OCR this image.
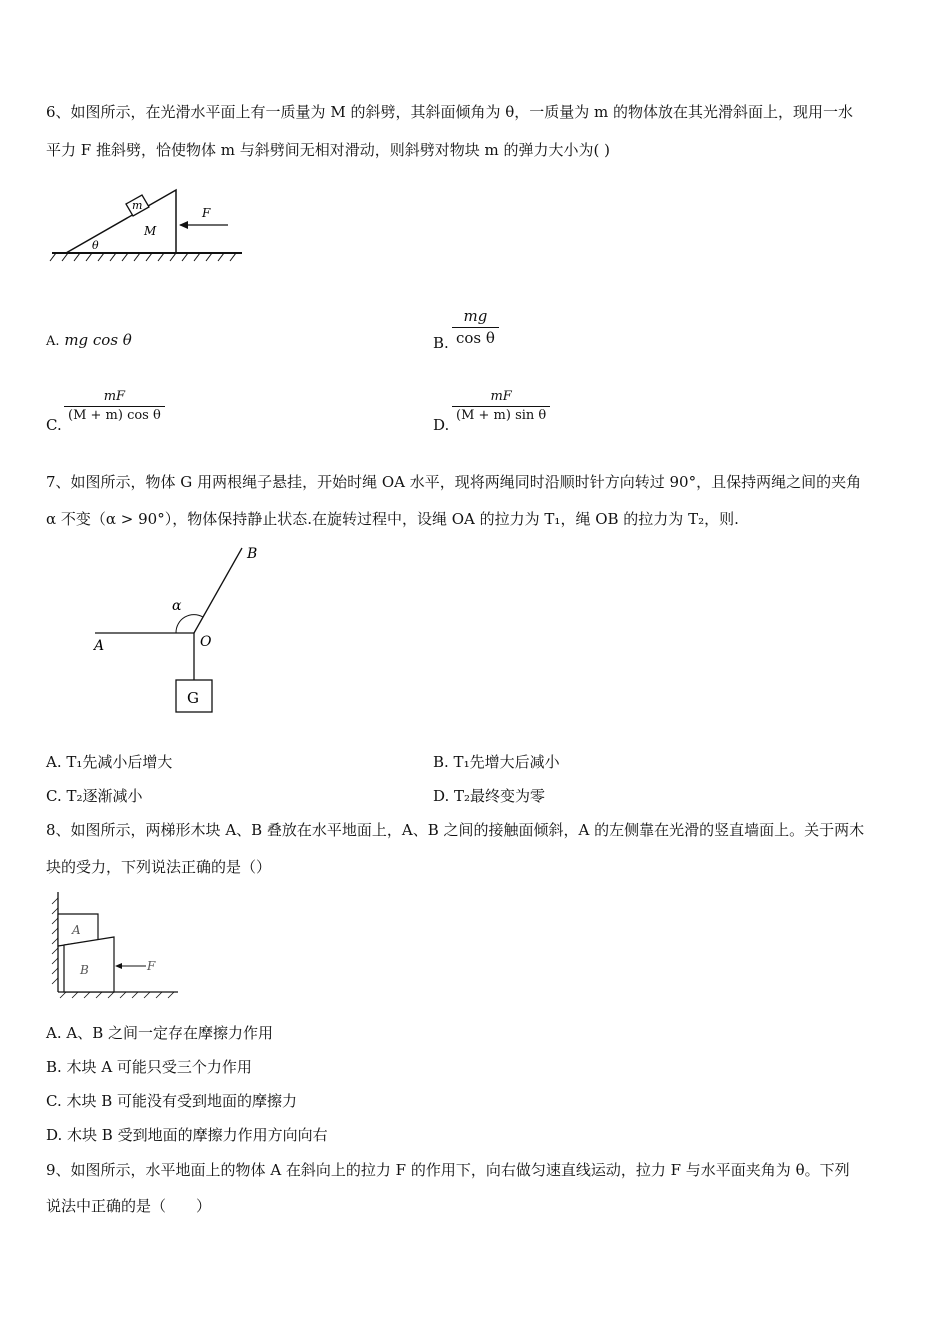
6、如图所示，在光滑水平面上有一质量为 M 的斜劈，其斜面倾角为 θ，一质量为 m 的物体放在其光滑斜面上，现用一水
平力 F 推斜劈，恰使物体 m 与斜劈间无相对滑动，则斜劈对物块 m 的弹力大小为( )
m
M
θ
F
A. mg cos θ	B.
mg
cos θ
C.
mF
(M + m) cos θ
D.
mF
(M + m) sin θ
7、如图所示，物体 G 用两根绳子悬挂，开始时绳 OA 水平，现将两绳同时沿顺时针方向转过 90°，且保持两绳之间的夹角
α 不变（α > 90°），物体保持静止状态.在旋转过程中，设绳 OA 的拉力为 T₁，绳 OB 的拉力为 T₂，则.
A
B
O
α
G
A. T₁先减小后增大	B. T₁先增大后减小
C. T₂逐渐减小	D. T₂最终变为零
8、如图所示，两梯形木块 A、B 叠放在水平地面上，A、B 之间的接触面倾斜，A 的左侧靠在光滑的竖直墙面上。关于两木
块的受力，下列说法正确的是（）
A
B	F
A. A、B 之间一定存在摩擦力作用
B. 木块 A 可能只受三个力作用
C. 木块 B 可能没有受到地面的摩擦力
D. 木块 B 受到地面的摩擦力作用方向向右
9、如图所示，水平地面上的物体 A 在斜向上的拉力 F 的作用下，向右做匀速直线运动，拉力 F 与水平面夹角为 θ。下列
说法中正确的是（　　）
